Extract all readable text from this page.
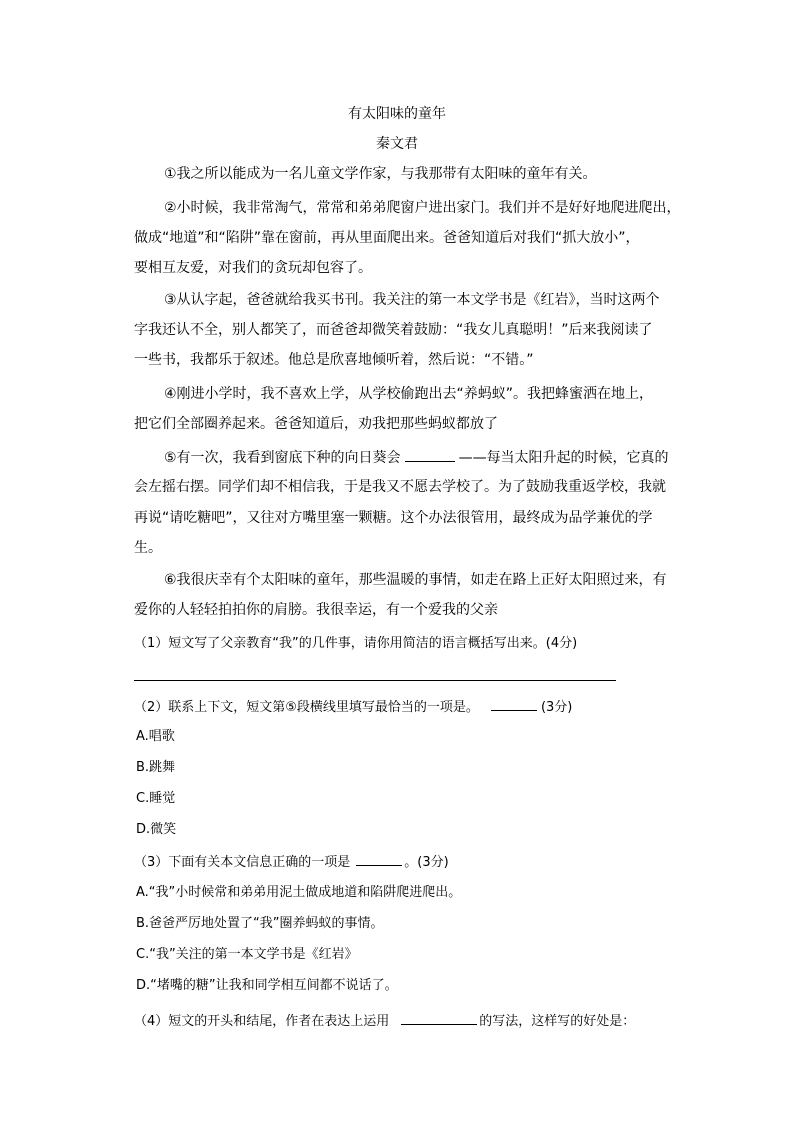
有太阳味的童年
秦文君
①我之所以能成为一名儿童文学作家，与我那带有太阳味的童年有关。
②小时候，我非常淘气，常常和弟弟爬窗户进出家门。我们并不是好好地爬进爬出，
做成“地道”和“陷阱”靠在窗前，再从里面爬出来。爸爸知道后对我们“抓大放小”，
要相互友爱，对我们的贪玩却包容了。
③从认字起，爸爸就给我买书刊。我关注的第一本文学书是《红岩》，当时这两个
字我还认不全，别人都笑了，而爸爸却微笑着鼓励：“我女儿真聪明！”后来我阅读了
一些书，我都乐于叙述。他总是欣喜地倾听着，然后说：“不错。”
④刚进小学时，我不喜欢上学，从学校偷跑出去“养蚂蚁”。我把蜂蜜洒在地上，
把它们全部圈养起来。爸爸知道后，劝我把那些蚂蚁都放了
⑤有一次，我看到窗底下种的向日葵会	——每当太阳升起的时候，它真的
会左摇右摆。同学们却不相信我，于是我又不愿去学校了。为了鼓励我重返学校，我就
再说“请吃糖吧”，又往对方嘴里塞一颗糖。这个办法很管用，最终成为品学兼优的学
生。
⑥我很庆幸有个太阳味的童年，那些温暖的事情，如走在路上正好太阳照过来，有
爱你的人轻轻拍拍你的肩膀。我很幸运，有一个爱我的父亲
（1）短文写了父亲教育“我”的几件事，请你用简洁的语言概括写出来。(4分)
（2）联系上下文，短文第⑤段横线里填写最恰当的一项是。	(3分)
A.唱歌
B.跳舞
C.睡觉
D.微笑
（3）下面有关本文信息正确的一项是	。(3分)
A.“我”小时候常和弟弟用泥土做成地道和陷阱爬进爬出。
B.爸爸严厉地处置了“我”圈养蚂蚁的事情。
C.“我”关注的第一本文学书是《红岩》
D.“堵嘴的糖”让我和同学相互间都不说话了。
（4）短文的开头和结尾，作者在表达上运用	的写法，这样写的好处是：
